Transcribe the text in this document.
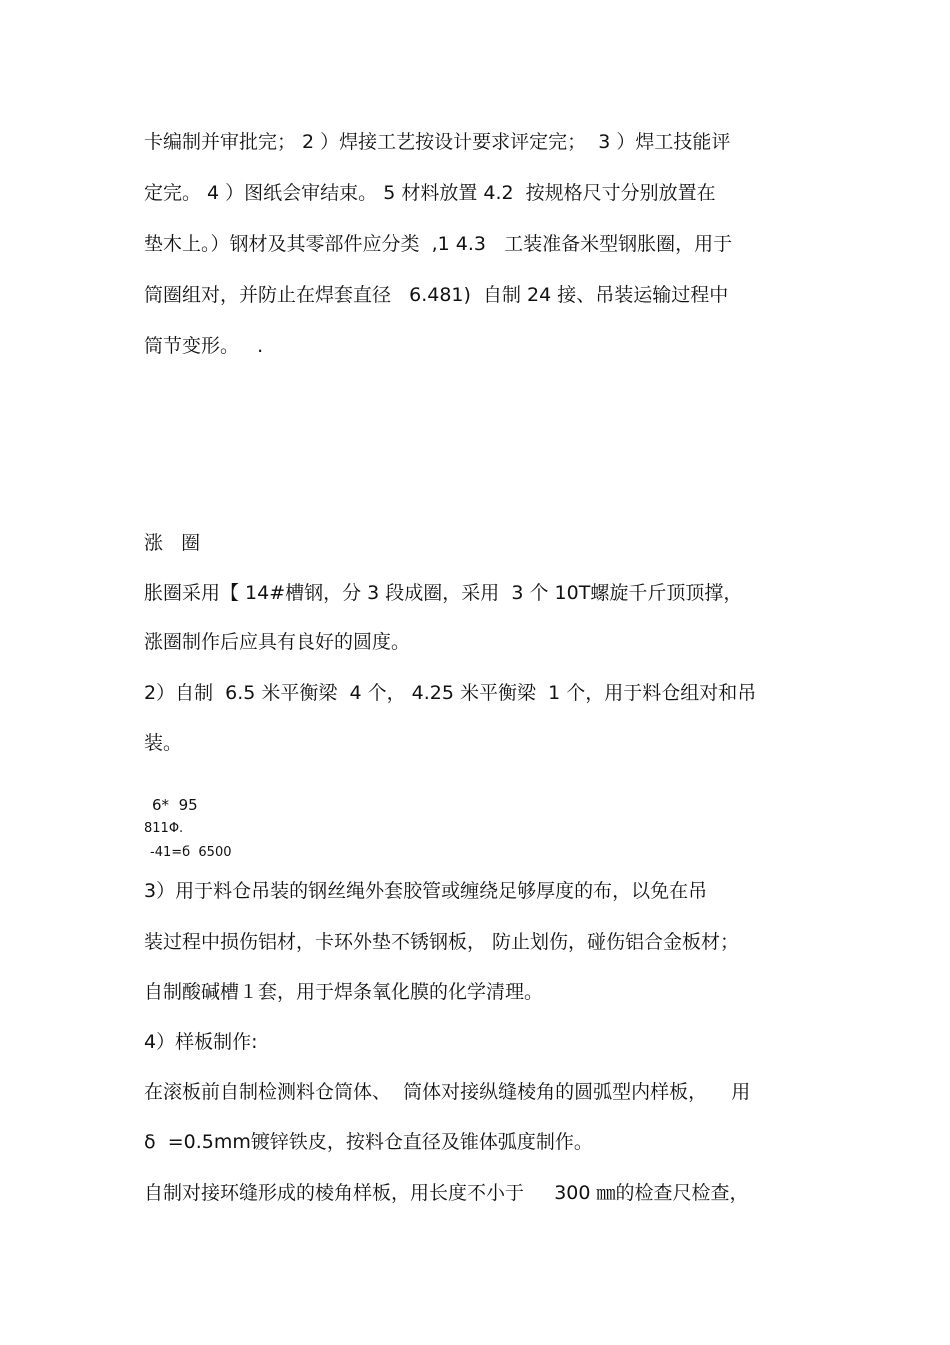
卡编制并审批完； 2 ）焊接工艺按设计要求评定完；  3 ）焊工技能评
定完。 4 ）图纸会审结束。 5 材料放置 4.2  按规格尺寸分别放置在
垫木上。）钢材及其零部件应分类  ,1 4.3   工装准备米型钢胀圈，用于
筒圈组对，并防止在焊套直径   6.481)  自制 24 接、吊装运输过程中
筒节变形。   .
涨   圈
胀圈采用【 14#槽钢，分 3 段成圈，采用  3 个 10T螺旋千斤顶顶撑，
涨圈制作后应具有良好的圆度。
2）自制  6.5 米平衡梁  4 个， 4.25 米平衡梁  1 个，用于料仓组对和吊
装。
6*  95
811Φ.
-41=б  6500
3）用于料仓吊装的钢丝绳外套胶管或缠绕足够厚度的布，以免在吊
装过程中损伤铝材，卡环外垫不锈钢板， 防止划伤，碰伤铝合金板材；
自制酸碱槽１套，用于焊条氧化膜的化学清理。
4）样板制作:
在滚板前自制检测料仓筒体、  筒体对接纵缝棱角的圆弧型内样板，    用
δ  =0.5mm镀锌铁皮，按料仓直径及锥体弧度制作。
自制对接环缝形成的棱角样板，用长度不小于     300 ㎜的检查尺检查，
